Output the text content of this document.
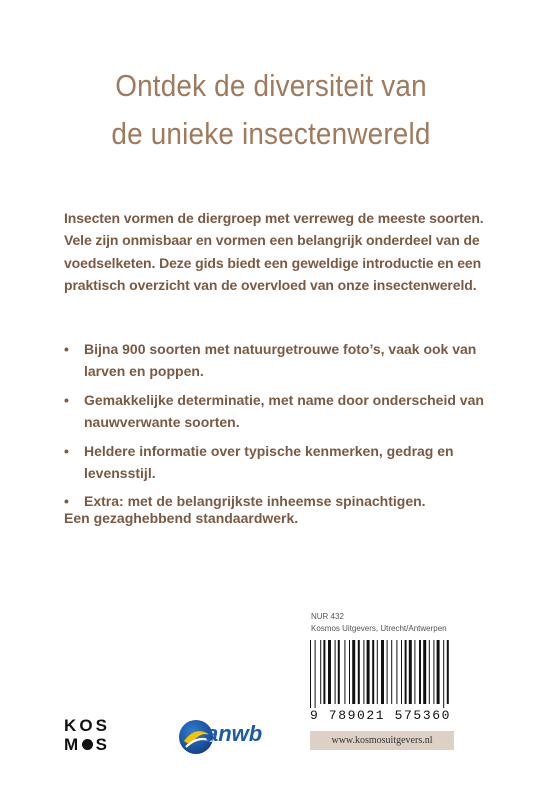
Ontdek de diversiteit van
de unieke insectenwereld

Insecten vormen de diergroep met verreweg de meeste soorten. Vele zijn onmisbaar en vormen een belangrijk onderdeel van de voedselketen. Deze gids biedt een geweldige introductie en een praktisch overzicht van de overvloed van onze insectenwereld.

• Bijna 900 soorten met natuurgetrouwe foto’s, vaak ook van larven en poppen.
• Gemakkelijke determinatie, met name door onderscheid van nauwverwante soorten.
• Heldere informatie over typische kenmerken, gedrag en levensstijl.
• Extra: met de belangrijkste inheemse spinachtigen.
Een gezaghebbend standaardwerk.
NUR 432
Kosmos Uitgevers, Utrecht/Antwerpen
9 789021 575360
www.kosmosuitgevers.nl
K O S
M S	anwb
